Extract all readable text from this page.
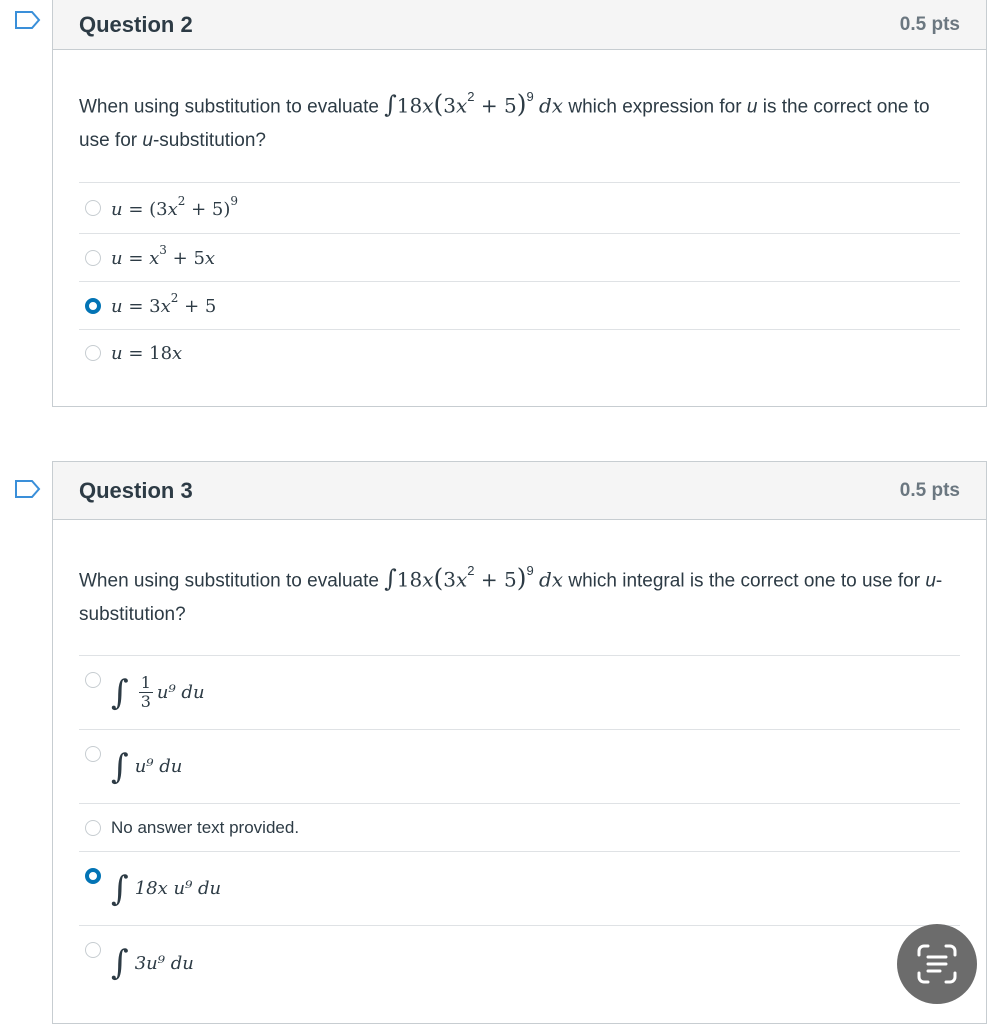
Question 2	0.5 pts

When using substitution to evaluate $\int 18x(3x^2 + 5)^9$ dx which expression for u is the correct one to use for u-substitution?

$u = (3x^2 + 5)^9$
$u = x^3 + 5x$
$u = 3x^2 + 5$
u = 18x
Question 3	0.5 pts

When using substitution to evaluate $\int 18x(3x^2 + 5)^9$ dx which integral is the correct one to use for u-substitution?

∫ $\frac{1}{3} u^9$ du
∫ u⁹ du
No answer text provided.
∫ 18x u⁹ du
∫ 3u⁹ du
